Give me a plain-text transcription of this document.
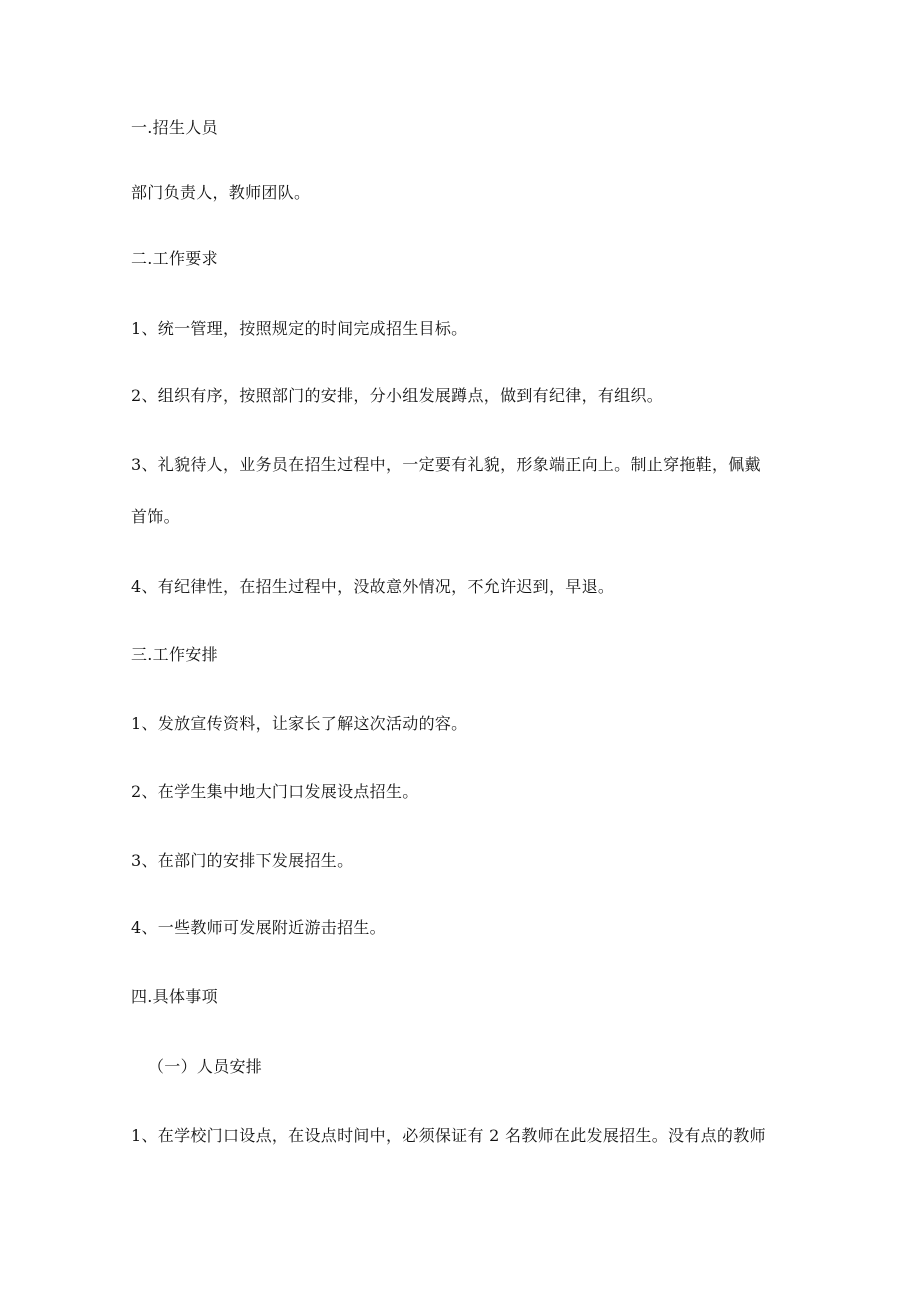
一.招生人员
部门负责人，教师团队。
二.工作要求
1、统一管理，按照规定的时间完成招生目标。
2、组织有序，按照部门的安排，分小组发展蹲点，做到有纪律，有组织。
3、礼貌待人，业务员在招生过程中，一定要有礼貌，形象端正向上。制止穿拖鞋，佩戴
首饰。
4、有纪律性，在招生过程中，没故意外情况，不允许迟到，早退。
三.工作安排
1、发放宣传资料，让家长了解这次活动的容。
2、在学生集中地大门口发展设点招生。
3、在部门的安排下发展招生。
4、一些教师可发展附近游击招生。
四.具体事项
（一）人员安排
1、在学校门口设点，在设点时间中，必须保证有 2 名教师在此发展招生。没有点的教师
